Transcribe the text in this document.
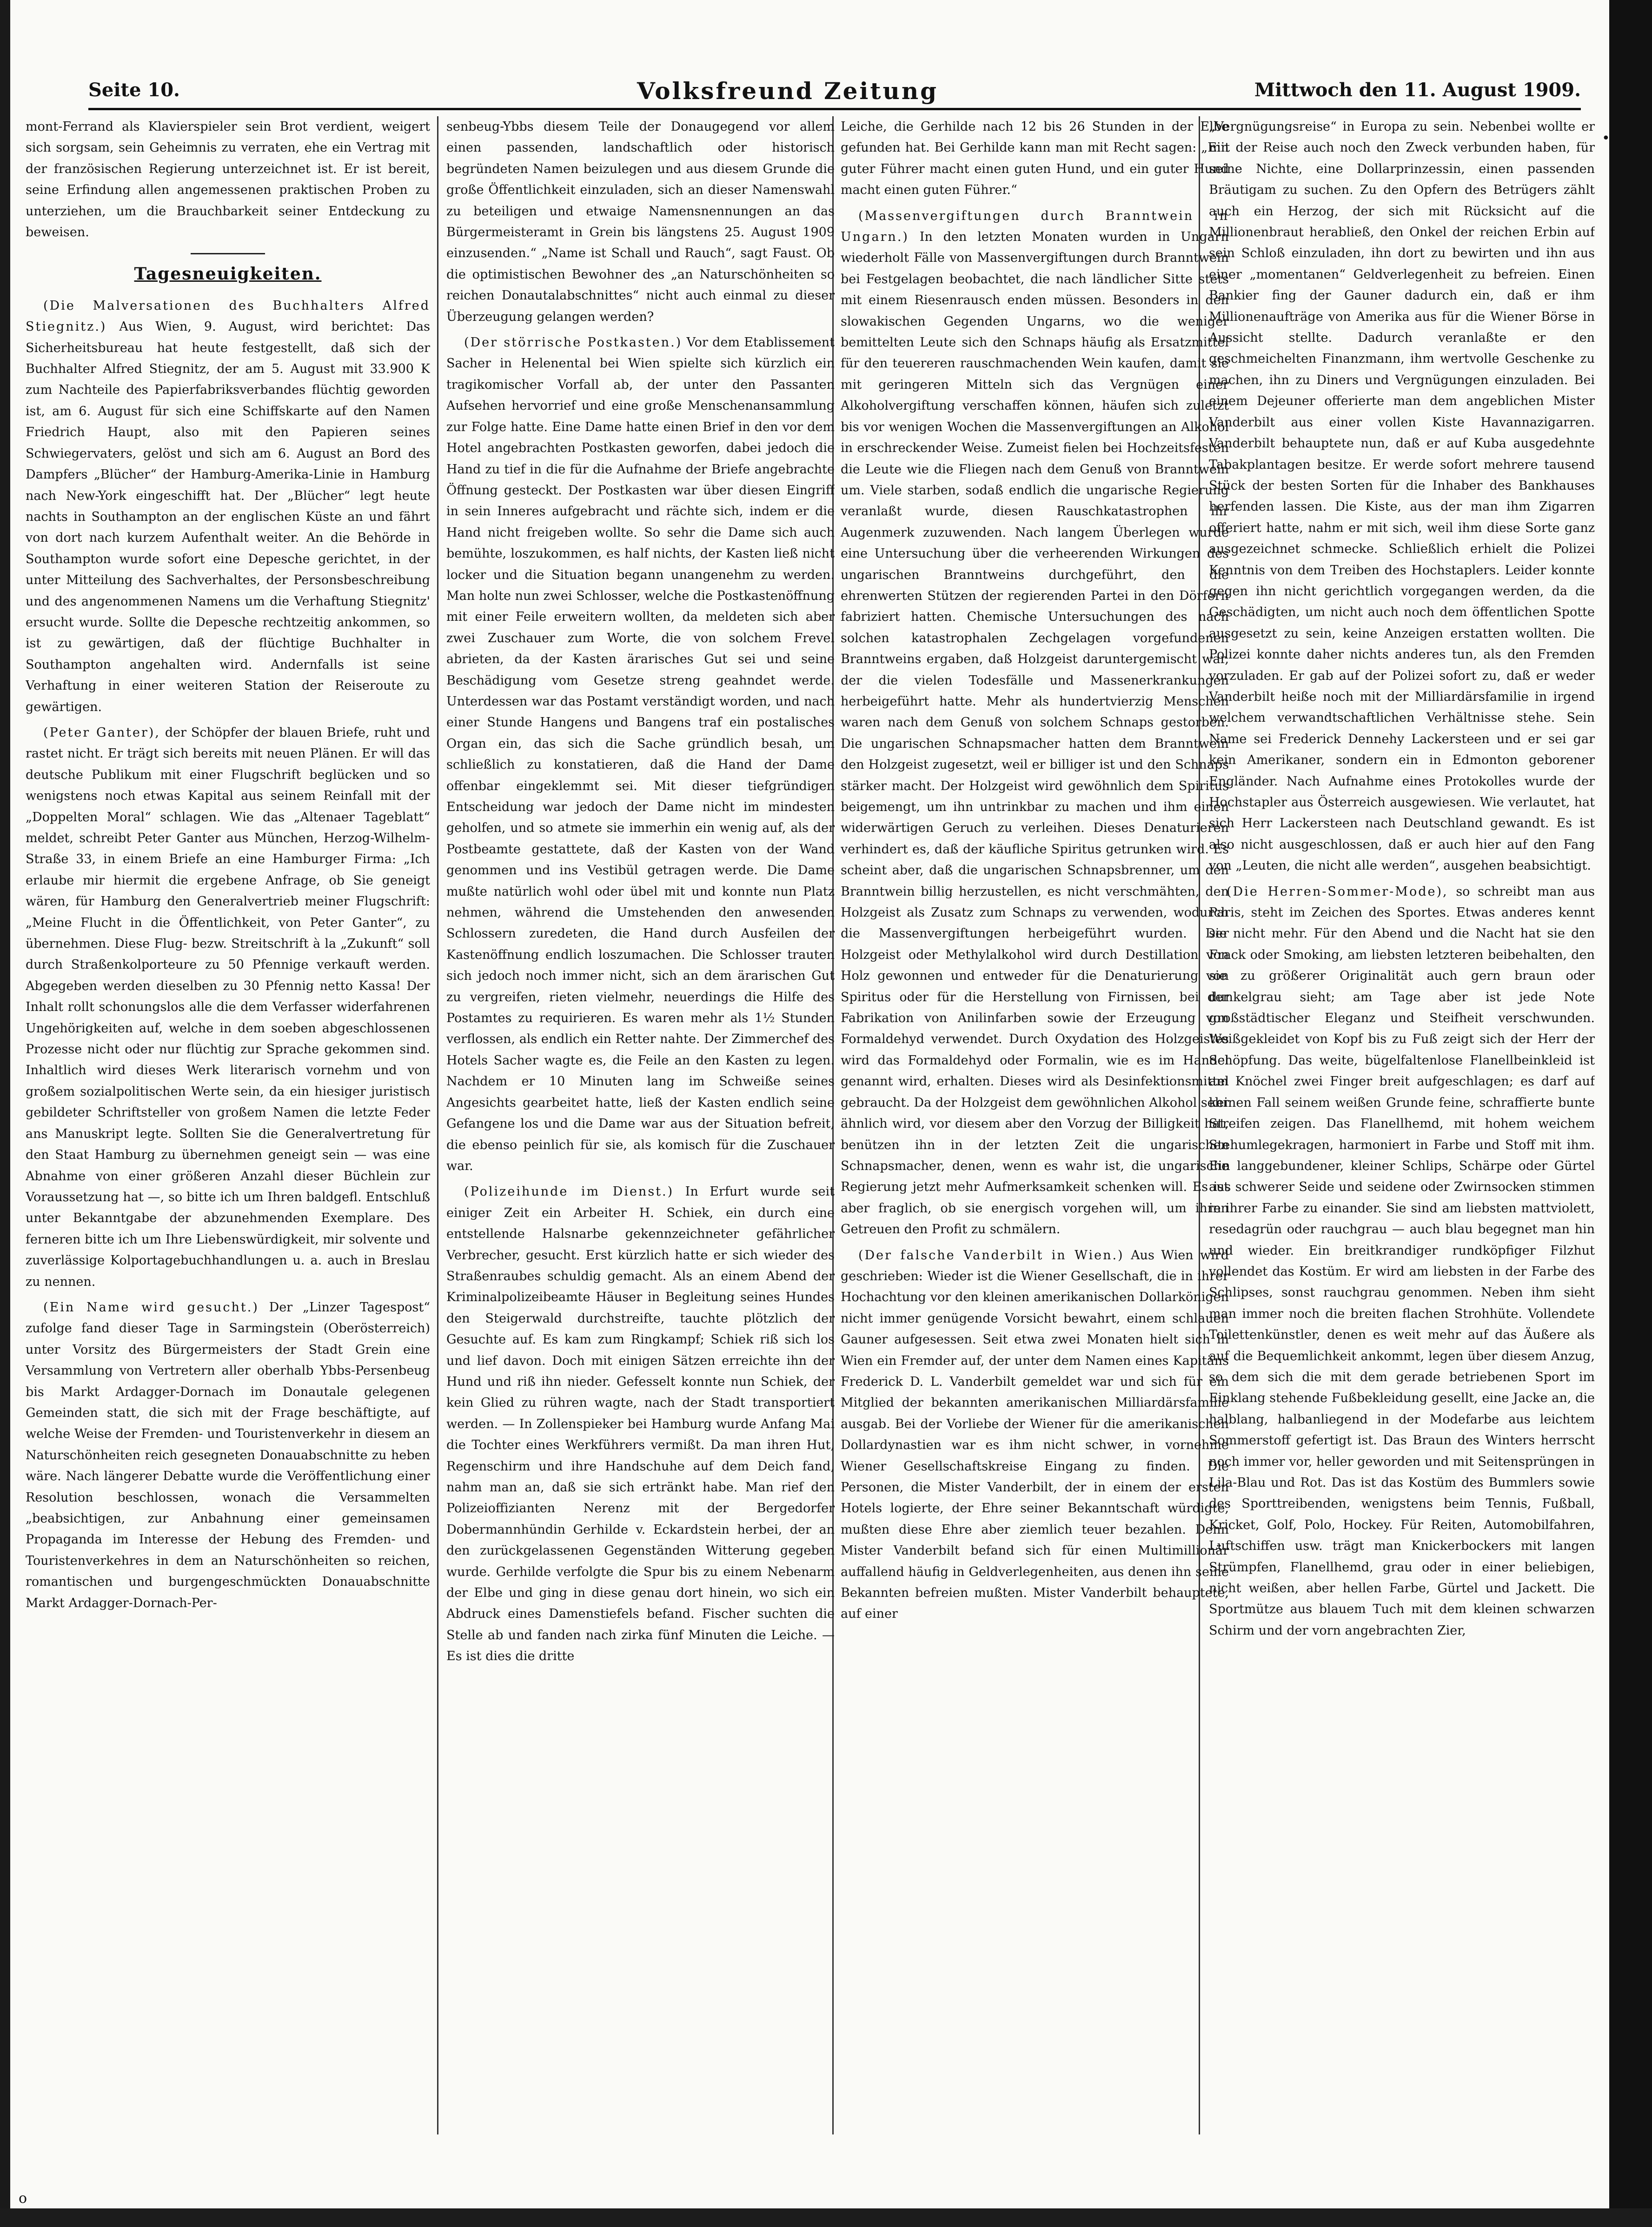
Seite 10.	Volksfreund Zeitung	Mittwoch den 11. August 1909.

mont-Ferrand als Klavierspieler sein Brot verdient, weigert sich sorgsam, sein Geheimnis zu verraten, ehe ein Vertrag mit der französischen Regierung unterzeichnet ist. Er ist bereit, seine Erfindung allen angemessenen praktischen Proben zu unterziehen, um die Brauchbarkeit seiner Entdeckung zu beweisen.

Tagesneuigkeiten.

(Die Malversationen des Buchhalters Alfred Stiegnitz.) Aus Wien, 9. August, wird berichtet: Das Sicherheitsbureau hat heute festgestellt, daß sich der Buchhalter Alfred Stiegnitz, der am 5. August mit 33.900 K zum Nachteile des Papierfabriksverbandes flüchtig geworden ist, am 6. August für sich eine Schiffskarte auf den Namen Friedrich Haupt, also mit den Papieren seines Schwiegervaters, gelöst und sich am 6. August an Bord des Dampfers „Blücher“ der Hamburg-Amerika-Linie in Hamburg nach New-York eingeschifft hat. Der „Blücher“ legt heute nachts in Southampton an der englischen Küste an und fährt von dort nach kurzem Aufenthalt weiter. An die Behörde in Southampton wurde sofort eine Depesche gerichtet, in der unter Mitteilung des Sachverhaltes, der Personsbeschreibung und des angenommenen Namens um die Verhaftung Stiegnitz' ersucht wurde. Sollte die Depesche rechtzeitig ankommen, so ist zu gewärtigen, daß der flüchtige Buchhalter in Southampton angehalten wird. Andernfalls ist seine Verhaftung in einer weiteren Station der Reiseroute zu gewärtigen.

(Peter Ganter), der Schöpfer der blauen Briefe, ruht und rastet nicht. Er trägt sich bereits mit neuen Plänen. Er will das deutsche Publikum mit einer Flugschrift beglücken und so wenigstens noch etwas Kapital aus seinem Reinfall mit der „Doppelten Moral“ schlagen. Wie das „Altenaer Tageblatt“ meldet, schreibt Peter Ganter aus München, Herzog-Wilhelm-Straße 33, in einem Briefe an eine Hamburger Firma: „Ich erlaube mir hiermit die ergebene Anfrage, ob Sie geneigt wären, für Hamburg den Generalvertrieb meiner Flugschrift: „Meine Flucht in die Öffentlichkeit, von Peter Ganter“, zu übernehmen. Diese Flug- bezw. Streitschrift à la „Zukunft“ soll durch Straßenkolporteure zu 50 Pfennige verkauft werden. Abgegeben werden dieselben zu 30 Pfennig netto Kassa! Der Inhalt rollt schonungslos alle die dem Verfasser widerfahrenen Ungehörigkeiten auf, welche in dem soeben abgeschlossenen Prozesse nicht oder nur flüchtig zur Sprache gekommen sind. Inhaltlich wird dieses Werk literarisch vornehm und von großem sozialpolitischen Werte sein, da ein hiesiger juristisch gebildeter Schriftsteller von großem Namen die letzte Feder ans Manuskript legte. Sollten Sie die Generalvertretung für den Staat Hamburg zu übernehmen geneigt sein — was eine Abnahme von einer größeren Anzahl dieser Büchlein zur Voraussetzung hat —, so bitte ich um Ihren baldgefl. Entschluß unter Bekanntgabe der abzunehmenden Exemplare. Des ferneren bitte ich um Ihre Liebenswürdigkeit, mir solvente und zuverlässige Kolportagebuchhandlungen u. a. auch in Breslau zu nennen.

(Ein Name wird gesucht.) Der „Linzer Tagespost“ zufolge fand dieser Tage in Sarmingstein (Oberösterreich) unter Vorsitz des Bürgermeisters der Stadt Grein eine Versammlung von Vertretern aller oberhalb Ybbs-Persenbeug bis Markt Ardagger-Dornach im Donautale gelegenen Gemeinden statt, die sich mit der Frage beschäftigte, auf welche Weise der Fremden- und Touristenverkehr in diesem an Naturschönheiten reich gesegneten Donauabschnitte zu heben wäre. Nach längerer Debatte wurde die Veröffentlichung einer Resolution beschlossen, wonach die Versammelten „beabsichtigen, zur Anbahnung einer gemeinsamen Propaganda im Interesse der Hebung des Fremden- und Touristenverkehres in dem an Naturschönheiten so reichen, romantischen und burgengeschmückten Donauabschnitte Markt Ardagger-Dornach-Per-

senbeug-Ybbs diesem Teile der Donaugegend vor allem einen passenden, landschaftlich oder historisch begründeten Namen beizulegen und aus diesem Grunde die große Öffentlichkeit einzuladen, sich an dieser Namenswahl zu beteiligen und etwaige Namensnennungen an das Bürgermeisteramt in Grein bis längstens 25. August 1909 einzusenden.“ „Name ist Schall und Rauch“, sagt Faust. Ob die optimistischen Bewohner des „an Naturschönheiten so reichen Donautalabschnittes“ nicht auch einmal zu dieser Überzeugung gelangen werden?

(Der störrische Postkasten.) Vor dem Etablissement Sacher in Helenental bei Wien spielte sich kürzlich ein tragikomischer Vorfall ab, der unter den Passanten Aufsehen hervorrief und eine große Menschenansammlung zur Folge hatte. Eine Dame hatte einen Brief in den vor dem Hotel angebrachten Postkasten geworfen, dabei jedoch die Hand zu tief in die für die Aufnahme der Briefe angebrachte Öffnung gesteckt. Der Postkasten war über diesen Eingriff in sein Inneres aufgebracht und rächte sich, indem er die Hand nicht freigeben wollte. So sehr die Dame sich auch bemühte, loszukommen, es half nichts, der Kasten ließ nicht locker und die Situation begann unangenehm zu werden. Man holte nun zwei Schlosser, welche die Postkastenöffnung mit einer Feile erweitern wollten, da meldeten sich aber zwei Zuschauer zum Worte, die von solchem Frevel abrieten, da der Kasten ärarisches Gut sei und seine Beschädigung vom Gesetze streng geahndet werde. Unterdessen war das Postamt verständigt worden, und nach einer Stunde Hangens und Bangens traf ein postalisches Organ ein, das sich die Sache gründlich besah, um schließlich zu konstatieren, daß die Hand der Dame offenbar eingeklemmt sei. Mit dieser tiefgründigen Entscheidung war jedoch der Dame nicht im mindesten geholfen, und so atmete sie immerhin ein wenig auf, als der Postbeamte gestattete, daß der Kasten von der Wand genommen und ins Vestibül getragen werde. Die Dame mußte natürlich wohl oder übel mit und konnte nun Platz nehmen, während die Umstehenden den anwesenden Schlossern zuredeten, die Hand durch Ausfeilen der Kastenöffnung endlich loszumachen. Die Schlosser trauten sich jedoch noch immer nicht, sich an dem ärarischen Gut zu vergreifen, rieten vielmehr, neuerdings die Hilfe des Postamtes zu requirieren. Es waren mehr als 1½ Stunden verflossen, als endlich ein Retter nahte. Der Zimmerchef des Hotels Sacher wagte es, die Feile an den Kasten zu legen. Nachdem er 10 Minuten lang im Schweiße seines Angesichts gearbeitet hatte, ließ der Kasten endlich seine Gefangene los und die Dame war aus der Situation befreit, die ebenso peinlich für sie, als komisch für die Zuschauer war.

(Polizeihunde im Dienst.) In Erfurt wurde seit einiger Zeit ein Arbeiter H. Schiek, ein durch eine entstellende Halsnarbe gekennzeichneter gefährlicher Verbrecher, gesucht. Erst kürzlich hatte er sich wieder des Straßenraubes schuldig gemacht. Als an einem Abend der Kriminalpolizeibeamte Häuser in Begleitung seines Hundes den Steigerwald durchstreifte, tauchte plötzlich der Gesuchte auf. Es kam zum Ringkampf; Schiek riß sich los und lief davon. Doch mit einigen Sätzen erreichte ihn der Hund und riß ihn nieder. Gefesselt konnte nun Schiek, der kein Glied zu rühren wagte, nach der Stadt transportiert werden. — In Zollenspieker bei Hamburg wurde Anfang Mai die Tochter eines Werkführers vermißt. Da man ihren Hut, Regenschirm und ihre Handschuhe auf dem Deich fand, nahm man an, daß sie sich ertränkt habe. Man rief den Polizeioffizianten Nerenz mit der Bergedorfer Dobermannhündin Gerhilde v. Eckardstein herbei, der an den zurückgelassenen Gegenständen Witterung gegeben wurde. Gerhilde verfolgte die Spur bis zu einem Nebenarm der Elbe und ging in diese genau dort hinein, wo sich ein Abdruck eines Damenstiefels befand. Fischer suchten die Stelle ab und fanden nach zirka fünf Minuten die Leiche. — Es ist dies die dritte

Leiche, die Gerhilde nach 12 bis 26 Stunden in der Elbe gefunden hat. Bei Gerhilde kann man mit Recht sagen: „Ein guter Führer macht einen guten Hund, und ein guter Hund macht einen guten Führer.“

(Massenvergiftungen durch Branntwein in Ungarn.) In den letzten Monaten wurden in Ungarn wiederholt Fälle von Massenvergiftungen durch Branntwein bei Festgelagen beobachtet, die nach ländlicher Sitte stets mit einem Riesenrausch enden müssen. Besonders in den slowakischen Gegenden Ungarns, wo die weniger bemittelten Leute sich den Schnaps häufig als Ersatzmittel für den teuereren rauschmachenden Wein kaufen, damit sie mit geringeren Mitteln sich das Vergnügen einer Alkoholvergiftung verschaffen können, häufen sich zuletzt bis vor wenigen Wochen die Massenvergiftungen an Alkohol in erschreckender Weise. Zumeist fielen bei Hochzeitsfesten die Leute wie die Fliegen nach dem Genuß von Branntwein um. Viele starben, sodaß endlich die ungarische Regierung veranlaßt wurde, diesen Rauschkatastrophen ihr Augenmerk zuzuwenden. Nach langem Überlegen wurde eine Untersuchung über die verheerenden Wirkungen des ungarischen Branntweins durchgeführt, den die ehrenwerten Stützen der regierenden Partei in den Dörfern fabriziert hatten. Chemische Untersuchungen des nach solchen katastrophalen Zechgelagen vorgefundenen Branntweins ergaben, daß Holzgeist daruntergemischt war, der die vielen Todesfälle und Massenerkrankungen herbeigeführt hatte. Mehr als hundertvierzig Menschen waren nach dem Genuß von solchem Schnaps gestorben. Die ungarischen Schnapsmacher hatten dem Branntwein den Holzgeist zugesetzt, weil er billiger ist und den Schnaps stärker macht. Der Holzgeist wird gewöhnlich dem Spiritus beigemengt, um ihn untrinkbar zu machen und ihm einen widerwärtigen Geruch zu verleihen. Dieses Denaturieren verhindert es, daß der käufliche Spiritus getrunken wird. Es scheint aber, daß die ungarischen Schnapsbrenner, um den Branntwein billig herzustellen, es nicht verschmähten, den Holzgeist als Zusatz zum Schnaps zu verwenden, wodurch die Massenvergiftungen herbeigeführt wurden. Der Holzgeist oder Methylalkohol wird durch Destillation von Holz gewonnen und entweder für die Denaturierung von Spiritus oder für die Herstellung von Firnissen, bei der Fabrikation von Anilinfarben sowie der Erzeugung von Formaldehyd verwendet. Durch Oxydation des Holzgeistes wird das Formaldehyd oder Formalin, wie es im Handel genannt wird, erhalten. Dieses wird als Desinfektionsmittel gebraucht. Da der Holzgeist dem gewöhnlichen Alkohol sehr ähnlich wird, vor diesem aber den Vorzug der Billigkeit hat, benützen ihn in der letzten Zeit die ungarischen Schnapsmacher, denen, wenn es wahr ist, die ungarische Regierung jetzt mehr Aufmerksamkeit schenken will. Es ist aber fraglich, ob sie energisch vorgehen will, um ihren Getreuen den Profit zu schmälern.

(Der falsche Vanderbilt in Wien.) Aus Wien wird geschrieben: Wieder ist die Wiener Gesellschaft, die in ihrer Hochachtung vor den kleinen amerikanischen Dollarkönigen nicht immer genügende Vorsicht bewahrt, einem schlauen Gauner aufgesessen. Seit etwa zwei Monaten hielt sich in Wien ein Fremder auf, der unter dem Namen eines Kapitäns Frederick D. L. Vanderbilt gemeldet war und sich für ein Mitglied der bekannten amerikanischen Milliardärsfamilie ausgab. Bei der Vorliebe der Wiener für die amerikanischen Dollardynastien war es ihm nicht schwer, in vornehme Wiener Gesellschaftskreise Eingang zu finden. Die Personen, die Mister Vanderbilt, der in einem der ersten Hotels logierte, der Ehre seiner Bekanntschaft würdigte, mußten diese Ehre aber ziemlich teuer bezahlen. Denn Mister Vanderbilt befand sich für einen Multimillionär auffallend häufig in Geldverlegenheiten, aus denen ihn seine Bekannten befreien mußten. Mister Vanderbilt behauptete, auf einer

„Vergnügungsreise“ in Europa zu sein. Nebenbei wollte er mit der Reise auch noch den Zweck verbunden haben, für seine Nichte, eine Dollarprinzessin, einen passenden Bräutigam zu suchen. Zu den Opfern des Betrügers zählt auch ein Herzog, der sich mit Rücksicht auf die Millionenbraut herabließ, den Onkel der reichen Erbin auf sein Schloß einzuladen, ihn dort zu bewirten und ihn aus einer „momentanen“ Geldverlegenheit zu befreien. Einen Bankier fing der Gauner dadurch ein, daß er ihm Millionenaufträge von Amerika aus für die Wiener Börse in Aussicht stellte. Dadurch veranlaßte er den geschmeichelten Finanzmann, ihm wertvolle Geschenke zu machen, ihn zu Diners und Vergnügungen einzuladen. Bei einem Dejeuner offerierte man dem angeblichen Mister Vanderbilt aus einer vollen Kiste Havannazigarren. Vanderbilt behauptete nun, daß er auf Kuba ausgedehnte Tabakplantagen besitze. Er werde sofort mehrere tausend Stück der besten Sorten für die Inhaber des Bankhauses herfenden lassen. Die Kiste, aus der man ihm Zigarren offeriert hatte, nahm er mit sich, weil ihm diese Sorte ganz ausgezeichnet schmecke. Schließlich erhielt die Polizei Kenntnis von dem Treiben des Hochstaplers. Leider konnte gegen ihn nicht gerichtlich vorgegangen werden, da die Geschädigten, um nicht auch noch dem öffentlichen Spotte ausgesetzt zu sein, keine Anzeigen erstatten wollten. Die Polizei konnte daher nichts anderes tun, als den Fremden vorzuladen. Er gab auf der Polizei sofort zu, daß er weder Vanderbilt heiße noch mit der Milliardärsfamilie in irgend welchem verwandtschaftlichen Verhältnisse stehe. Sein Name sei Frederick Dennehy Lackersteen und er sei gar kein Amerikaner, sondern ein in Edmonton geborener Engländer. Nach Aufnahme eines Protokolles wurde der Hochstapler aus Österreich ausgewiesen. Wie verlautet, hat sich Herr Lackersteen nach Deutschland gewandt. Es ist also nicht ausgeschlossen, daß er auch hier auf den Fang von „Leuten, die nicht alle werden“, ausgehen beabsichtigt.

(Die Herren-Sommer-Mode), so schreibt man aus Paris, steht im Zeichen des Sportes. Etwas anderes kennt sie nicht mehr. Für den Abend und die Nacht hat sie den Frack oder Smoking, am liebsten letzteren beibehalten, den sie zu größerer Originalität auch gern braun oder dunkelgrau sieht; am Tage aber ist jede Note großstädtischer Eleganz und Steifheit verschwunden. Weißgekleidet von Kopf bis zu Fuß zeigt sich der Herr der Schöpfung. Das weite, bügelfaltenlose Flanellbeinkleid ist am Knöchel zwei Finger breit aufgeschlagen; es darf auf keinen Fall seinem weißen Grunde feine, schraffierte bunte Streifen zeigen. Das Flanellhemd, mit hohem weichem Stehumlegekragen, harmoniert in Farbe und Stoff mit ihm. Ein langgebundener, kleiner Schlips, Schärpe oder Gürtel aus schwerer Seide und seidene oder Zwirnsocken stimmen in ihrer Farbe zu einander. Sie sind am liebsten mattviolett, resedagrün oder rauchgrau — auch blau begegnet man hin und wieder. Ein breitkrandiger rundköpfiger Filzhut vollendet das Kostüm. Er wird am liebsten in der Farbe des Schlipses, sonst rauchgrau genommen. Neben ihm sieht man immer noch die breiten flachen Strohhüte. Vollendete Toilettenkünstler, denen es weit mehr auf das Äußere als auf die Bequemlichkeit ankommt, legen über diesem Anzug, so dem sich die mit dem gerade betriebenen Sport im Einklang stehende Fußbekleidung gesellt, eine Jacke an, die halblang, halbanliegend in der Modefarbe aus leichtem Sommerstoff gefertigt ist. Das Braun des Winters herrscht noch immer vor, heller geworden und mit Seitensprüngen in Lila-Blau und Rot. Das ist das Kostüm des Bummlers sowie des Sporttreibenden, wenigstens beim Tennis, Fußball, Kricket, Golf, Polo, Hockey. Für Reiten, Automobilfahren, Luftschiffen usw. trägt man Knickerbockers mit langen Strümpfen, Flanellhemd, grau oder in einer beliebigen, nicht weißen, aber hellen Farbe, Gürtel und Jackett. Die Sportmütze aus blauem Tuch mit dem kleinen schwarzen Schirm und der vorn angebrachten Zier,

o
•
